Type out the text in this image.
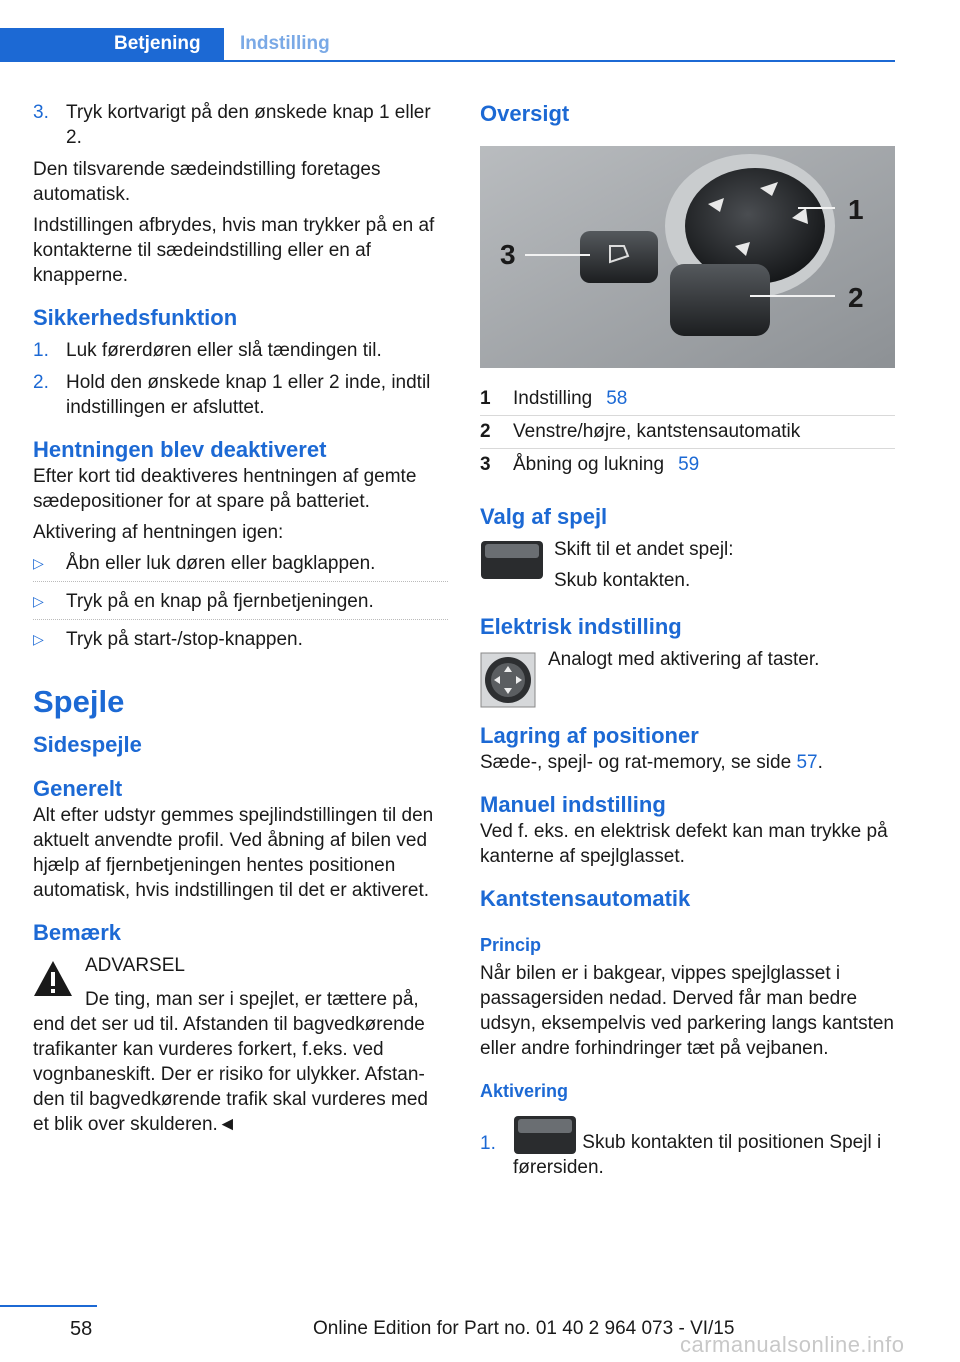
Betjening	Indstilling
3. Tryk kortvarigt på den ønskede knap 1 eller 2.

Den tilsvarende sædeindstilling foretages automatisk.

Indstillingen afbrydes, hvis man trykker på en af kontakterne til sædeindstilling eller en af knapperne.

Sikkerhedsfunktion
1. Luk førerdøren eller slå tændingen til.
2. Hold den ønskede knap 1 eller 2 inde, indtil indstillingen er afsluttet.
Hentningen blev deaktiveret

Efter kort tid deaktiveres hentningen af gemte sædepositioner for at spare på batteriet.

Aktivering af hentningen igen:

▷	Åbn eller luk døren eller bagklappen.
▷	Tryk på en knap på fjernbetjeningen.
▷	Tryk på start-/stop-knappen.
Spejle
Sidespejle
Generelt

Alt efter udstyr gemmes spejlindstillingen til den aktuelt anvendte profil. Ved åbning af bilen ved hjælp af fjernbetjeningen hentes positionen automatisk, hvis indstillingen til det er aktiveret.

Bemærk
ADVARSEL

De ting, man ser i spejlet, er tættere på, end det ser ud til. Afstanden til bagvedkørende trafikanter kan vurderes forkert, f.eks. ved vognbaneskift. Der er risiko for ulykker. Afstanden til bagvedkørende trafik skal vurderes med et blik over skulderen.◄

Oversigt
3
1
2
1	Indstilling 58
2	Venstre/højre, kantstensautomatik
3	Åbning og lukning 59
Valg af spejl
Skift til et andet spejl:
Skub kontakten.
Elektrisk indstilling
Analogt med aktivering af taster.
Lagring af positioner

Sæde-, spejl- og rat-memory, se side 57.

Manuel indstilling

Ved f. eks. en elektrisk defekt kan man trykke på kanterne af spejlglasset.

Kantstensautomatik
Princip

Når bilen er i bakgear, vippes spejlglasset i passagersiden nedad. Derved får man bedre udsyn, eksempelvis ved parkering langs kantsten eller andre forhindringer tæt på vejbanen.

Aktivering
1.	Skub kontakten til positionen Spejl i førersiden.
58	Online Edition for Part no. 01 40 2 964 073 - VI/15
carmanualsonline.info
